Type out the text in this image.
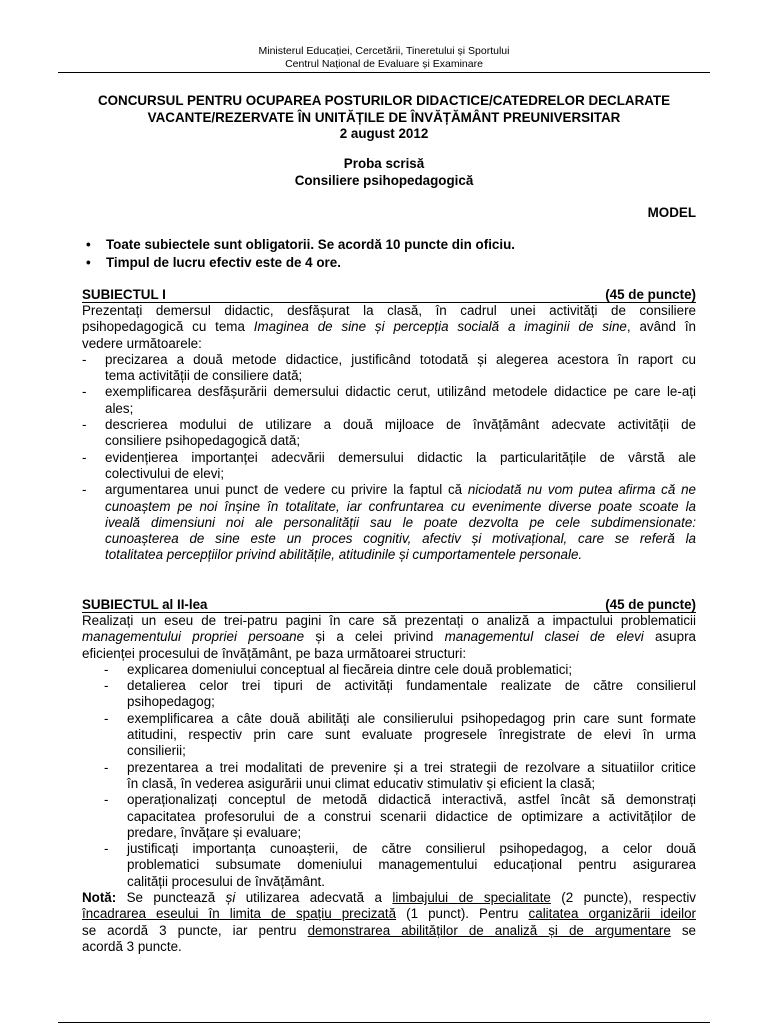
Ministerul Educației, Cercetării, Tineretului și Sportului
Centrul Național de Evaluare și Examinare
CONCURSUL PENTRU OCUPAREA POSTURILOR DIDACTICE/CATEDRELOR DECLARATE
VACANTE/REZERVATE ÎN UNITĂȚILE DE ÎNVĂȚĂMÂNT PREUNIVERSITAR
2 august 2012
Proba scrisă
Consiliere psihopedagogică
MODEL
• Toate subiectele sunt obligatorii. Se acordă 10 puncte din oficiu.
• Timpul de lucru efectiv este de 4 ore.
SUBIECTUL I	(45 de puncte)
Prezentați demersul didactic, desfășurat la clasă, în cadrul unei activități de consiliere
psihopedagogică cu tema Imaginea de sine și percepția socială a imaginii de sine, având în
vedere următoarele:
-	precizarea a două metode didactice, justificând totodată și alegerea acestora în raport cu
tema activității de consiliere dată;
-	exemplificarea desfășurării demersului didactic cerut, utilizând metodele didactice pe care le-ați
ales;
-	descrierea modului de utilizare a două mijloace de învățământ adecvate activității de
consiliere psihopedagogică dată;
-	evidențierea importanței adecvării demersului didactic la particularitățile de vârstă ale
colectivului de elevi;
-	argumentarea unui punct de vedere cu privire la faptul că niciodată nu vom putea afirma că ne
cunoaștem pe noi înșine în totalitate, iar confruntarea cu evenimente diverse poate scoate la
iveală dimensiuni noi ale personalității sau le poate dezvolta pe cele subdimensionate:
cunoașterea de sine este un proces cognitiv, afectiv și motivațional, care se referă la
totalitatea percepțiilor privind abilitățile, atitudinile și cumportamentele personale.
SUBIECTUL al II-lea	(45 de puncte)
Realizați un eseu de trei-patru pagini în care să prezentați o analiză a impactului problematicii
managementului propriei persoane și a celei privind managementul clasei de elevi asupra
eficienței procesului de învățământ, pe baza următoarei structuri:
-	explicarea domeniului conceptual al fiecăreia dintre cele două problematici;
-	detalierea celor trei tipuri de activități fundamentale realizate de către consilierul
psihopedagog;
-	exemplificarea a câte două abilități ale consilierului psihopedagog prin care sunt formate
atitudini, respectiv prin care sunt evaluate progresele înregistrate de elevi în urma
consilierii;
-	prezentarea a trei modalitati de prevenire și a trei strategii de rezolvare a situatiilor critice
în clasă, în vederea asigurării unui climat educativ stimulativ și eficient la clasă;
-	operaționalizați conceptul de metodă didactică interactivă, astfel încât să demonstrați
capacitatea profesorului de a construi scenarii didactice de optimizare a activităților de
predare, învățare și evaluare;
-	justificați importanța cunoașterii, de către consilierul psihopedagog, a celor două
problematici subsumate domeniului managementului educațional pentru asigurarea
calității procesului de învățământ.
Notă: Se punctează și utilizarea adecvată a limbajului de specialitate (2 puncte), respectiv
încadrarea eseului în limita de spațiu precizată (1 punct). Pentru calitatea organizării ideilor
se acordă 3 puncte, iar pentru demonstrarea abilităților de analiză și de argumentare se
acordă 3 puncte.
